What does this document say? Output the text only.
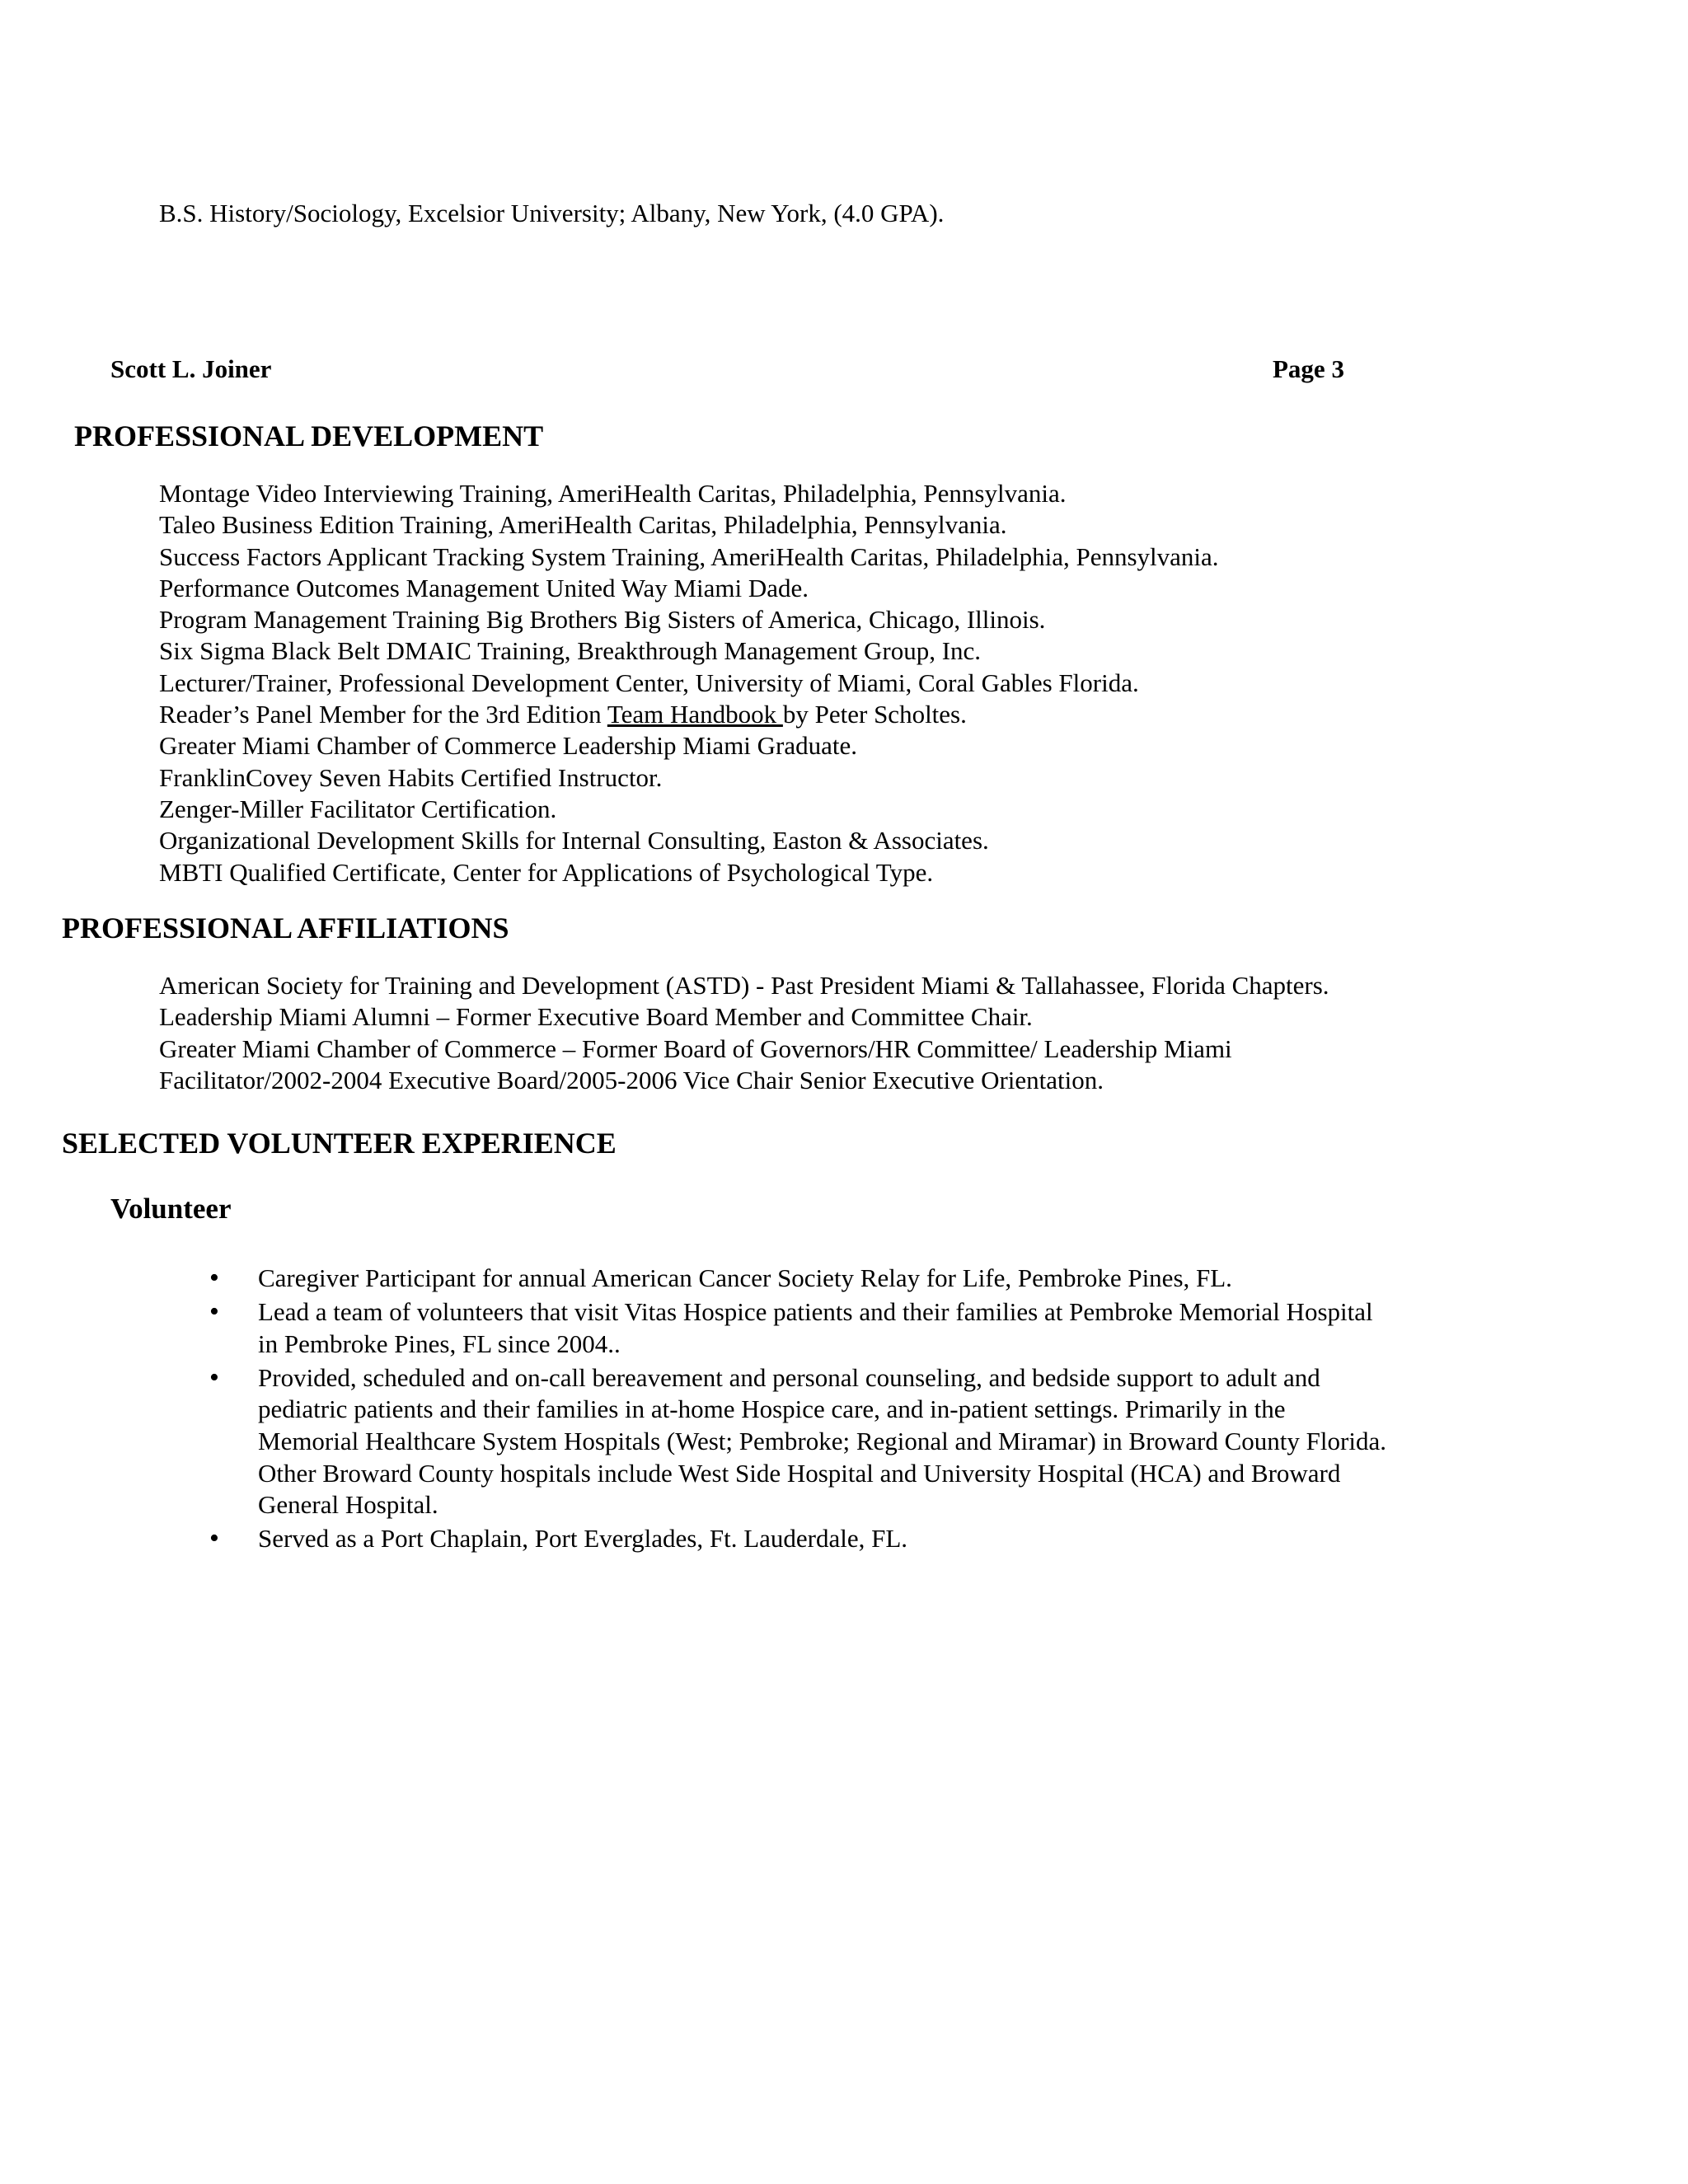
B.S. History/Sociology, Excelsior University; Albany, New York, (4.0 GPA).
Scott L. Joiner	Page 3
PROFESSIONAL DEVELOPMENT
Montage Video Interviewing Training, AmeriHealth Caritas, Philadelphia, Pennsylvania.
Taleo Business Edition Training, AmeriHealth Caritas, Philadelphia, Pennsylvania.
Success Factors Applicant Tracking System Training, AmeriHealth Caritas, Philadelphia, Pennsylvania.
Performance Outcomes Management United Way Miami Dade.
Program Management Training Big Brothers Big Sisters of America, Chicago, Illinois.
Six Sigma Black Belt DMAIC Training, Breakthrough Management Group, Inc.
Lecturer/Trainer, Professional Development Center, University of Miami, Coral Gables Florida.
Reader’s Panel Member for the 3rd Edition Team Handbook by Peter Scholtes.
Greater Miami Chamber of Commerce Leadership Miami Graduate.
FranklinCovey Seven Habits Certified Instructor.
Zenger-Miller Facilitator Certification.
Organizational Development Skills for Internal Consulting, Easton & Associates.
MBTI Qualified Certificate, Center for Applications of Psychological Type.
PROFESSIONAL AFFILIATIONS
American Society for Training and Development (ASTD) - Past President Miami & Tallahassee, Florida Chapters.
Leadership Miami Alumni – Former Executive Board Member and Committee Chair.
Greater Miami Chamber of Commerce – Former Board of Governors/HR Committee/ Leadership Miami
Facilitator/2002-2004 Executive Board/2005-2006 Vice Chair Senior Executive Orientation.
SELECTED VOLUNTEER EXPERIENCE
Volunteer
• Caregiver Participant for annual American Cancer Society Relay for Life, Pembroke Pines, FL.
• Lead a team of volunteers that visit Vitas Hospice patients and their families at Pembroke Memorial Hospital
in Pembroke Pines, FL since 2004..
• Provided, scheduled and on-call bereavement and personal counseling, and bedside support to adult and
pediatric patients and their families in at-home Hospice care, and in-patient settings. Primarily in the
Memorial Healthcare System Hospitals (West; Pembroke; Regional and Miramar) in Broward County Florida.
Other Broward County hospitals include West Side Hospital and University Hospital (HCA) and Broward
General Hospital.
• Served as a Port Chaplain, Port Everglades, Ft. Lauderdale, FL.
